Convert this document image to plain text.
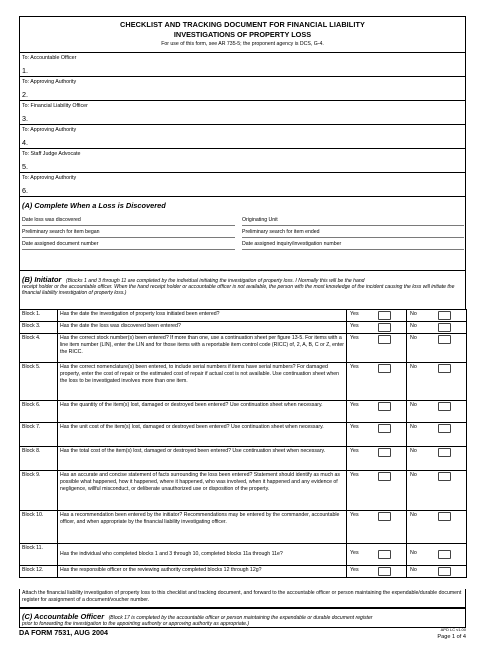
CHECKLIST AND TRACKING DOCUMENT FOR FINANCIAL LIABILITY
INVESTIGATIONS OF PROPERTY LOSS
For use of this form, see AR 735-5; the proponent agency is DCS, G-4.
To: Accountable Officer
1.
To: Approving Authority
2.
To: Financial Liability Officer
3.
To: Approving Authority
4.
To: Staff Judge Advocate
5.
To: Approving Authority
6.
(A) Complete When a Loss is Discovered
Date loss was discovered	Originating Unit
Preliminary search for item began	Preliminary search for item ended
Date assigned document number	Date assigned inquiry/investigation number
(B) Initiator (Blocks 1 and 3 through 11 are completed by the individual initiating the investigation of property loss. I Normally this will be the hand
receipt holder or the accountable officer. When the hand receipt holder or accountable officer is not available, the person with the most knowledge of the incident causing the loss will initiate the financial liability investigation of property loss.)
Block 1.	Has the date the investigation of property loss initiated been entered?	Yes	No

Block 3.	Has the date the loss was discovered been entered?	Yes	No

Block 4.	Has the correct stock number(s) been entered? If more than one, use a continuation sheet per figure 13-5. For items with a line item number (LIN), enter the LIN and for those items with a reportable item control code (RICC) of, 2, A, B, C or Z, enter the RICC.	Yes	No

Block 5.	Has the correct nomenclature(s) been entered, to include serial numbers if items have serial numbers? For damaged property, enter the cost of repair or the estimated cost of repair if actual cost is not available. Use continuation sheet when the loss to be investigated involves more than one item.	Yes	No

Block 6.	Has the quantity of the item(s) lost, damaged or destroyed been entered? Use continuation sheet when necessary.	Yes	No

Block 7.	Has the unit cost of the item(s) lost, damaged or destroyed been entered? Use continuation sheet when necessary.	Yes	No

Block 8.	Has the total cost of the item(s) lost, damaged or destroyed been entered? Use continuation sheet when necessary.	Yes	No

Block 9.	Has an accurate and concise statement of facts surrounding the loss been entered? Statement should identify as much as possible what happened, how it happened, where it happened, who was involved, when it happened and any evidence of negligence, willful misconduct, or deliberate unauthorized use or disposition of the property.	Yes	No

Block 10.	Has a recommendation been entered by the initiator? Recommendations may be entered by the commander, accountable officer, and when appropriate by the financial liability investigating officer.	Yes	No

Block 11.	Has the individual who completed blocks 1 and 3 through 10, completed blocks 11a through 11e?	Yes	No

Block 12.	Has the responsible officer or the reviewing authority completed blocks 12 through 12g?	Yes	No
Attach the financial liability investigation of property loss to this checklist and tracking document, and forward to the accountable officer or person maintaining the expendable/durable document register for assignment of a document/voucher number.
(C) Accountable Officer (Block 17 is completed by the accountable officer or person maintaining the expendable or durable document register
prior to forwarding the investigation to the appointing authority or approving authority as appropriate.)
DA FORM 7531, AUG 2004	APD LC v1.00
Page 1 of 4
